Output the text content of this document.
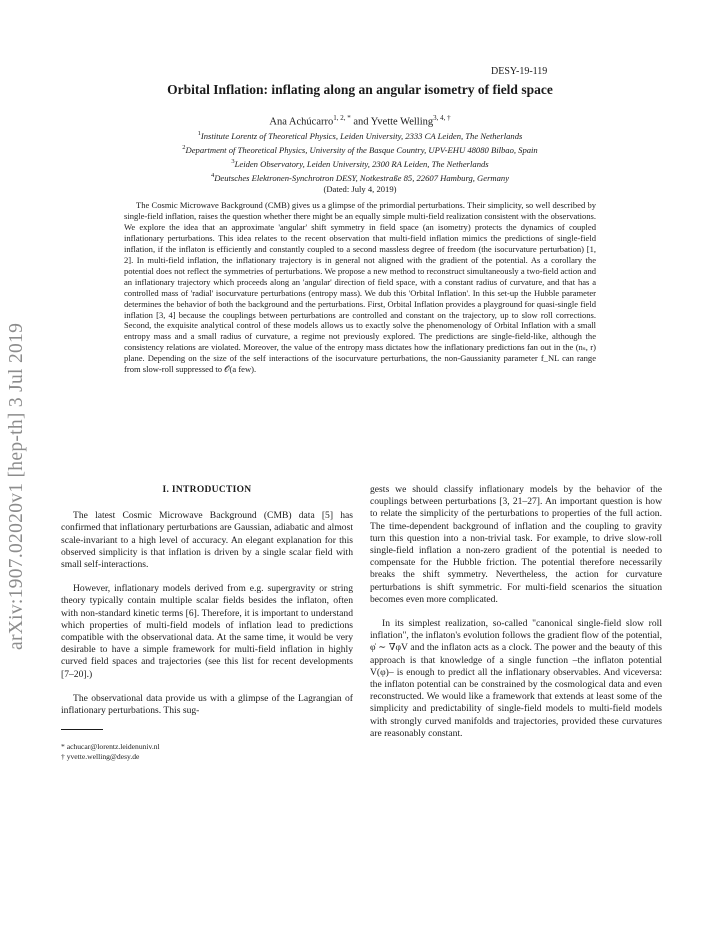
DESY-19-119
Orbital Inflation: inflating along an angular isometry of field space
Ana Achúcarro$^{1, 2, *}$ and Yvette Welling$^{3, 4, \dagger}$
$^1$Institute Lorentz of Theoretical Physics, Leiden University, 2333 CA Leiden, The Netherlands
$^2$Department of Theoretical Physics, University of the Basque Country, UPV-EHU 48080 Bilbao, Spain
$^3$Leiden Observatory, Leiden University, 2300 RA Leiden, The Netherlands
$^4$Deutsches Elektronen-Synchrotron DESY, Notkestraße 85, 22607 Hamburg, Germany
(Dated: July 4, 2019)

The Cosmic Microwave Background (CMB) gives us a glimpse of the primordial perturbations. Their simplicity, so well described by single-field inflation, raises the question whether there might be an equally simple multi-field realization consistent with the observations. We explore the idea that an approximate 'angular' shift symmetry in field space (an isometry) protects the dynamics of coupled inflationary perturbations. This idea relates to the recent observation that multi-field inflation mimics the predictions of single-field inflation, if the inflaton is efficiently and constantly coupled to a second massless degree of freedom (the isocurvature perturbation) [1, 2]. In multi-field inflation, the inflationary trajectory is in general not aligned with the gradient of the potential. As a corollary the potential does not reflect the symmetries of perturbations. We propose a new method to reconstruct simultaneously a two-field action and an inflationary trajectory which proceeds along an 'angular' direction of field space, with a constant radius of curvature, and that has a controlled mass of 'radial' isocurvature perturbations (entropy mass). We dub this 'Orbital Inflation'. In this set-up the Hubble parameter determines the behavior of both the background and the perturbations. First, Orbital Inflation provides a playground for quasi-single field inflation [3, 4] because the couplings between perturbations are controlled and constant on the trajectory, up to slow roll corrections. Second, the exquisite analytical control of these models allows us to exactly solve the phenomenology of Orbital Inflation with a small entropy mass and a small radius of curvature, a regime not previously explored. The predictions are single-field-like, although the consistency relations are violated. Moreover, the value of the entropy mass dictates how the inflationary predictions fan out in the (nₛ, r) plane. Depending on the size of the self interactions of the isocurvature perturbations, the non-Gaussianity parameter f_NL can range from slow-roll suppressed to 𝒪(a few).

arXiv:1907.02020v1 [hep-th] 3 Jul 2019	I. INTRODUCTION

The latest Cosmic Microwave Background (CMB) data [5] has confirmed that inflationary perturbations are Gaussian, adiabatic and almost scale-invariant to a high level of accuracy. An elegant explanation for this observed simplicity is that inflation is driven by a single scalar field with small self-interactions.

However, inflationary models derived from e.g. supergravity or string theory typically contain multiple scalar fields besides the inflaton, often with non-standard kinetic terms [6]. Therefore, it is important to understand which properties of multi-field models of inflation lead to predictions compatible with the observational data. At the same time, it would be very desirable to have a simple framework for multi-field inflation in highly curved field spaces and trajectories (see this list for recent developments [7–20].)

The observational data provide us with a glimpse of the Lagrangian of inflationary perturbations. This sug-

* achucar@lorentz.leidenuniv.nl
† yvette.welling@desy.de

gests we should classify inflationary models by the behavior of the couplings between perturbations [3, 21–27]. An important question is how to relate the simplicity of the perturbations to properties of the full action. The time-dependent background of inflation and the coupling to gravity turn this question into a non-trivial task. For example, to drive slow-roll single-field inflation a non-zero gradient of the potential is needed to compensate for the Hubble friction. The potential therefore necessarily breaks the shift symmetry. Nevertheless, the action for curvature perturbations is shift symmetric. For multi-field scenarios the situation becomes even more complicated.

In its simplest realization, so-called "canonical single-field slow roll inflation", the inflaton's evolution follows the gradient flow of the potential, φ̇ ∼ ∇φV and the inflaton acts as a clock. The power and the beauty of this approach is that knowledge of a single function –the inflaton potential V(φ)– is enough to predict all the inflationary observables. And viceversa: the inflaton potential can be constrained by the cosmological data and even reconstructed. We would like a framework that extends at least some of the simplicity and predictability of single-field models to multi-field models with strongly curved manifolds and trajectories, provided these curvatures are reasonably constant.
